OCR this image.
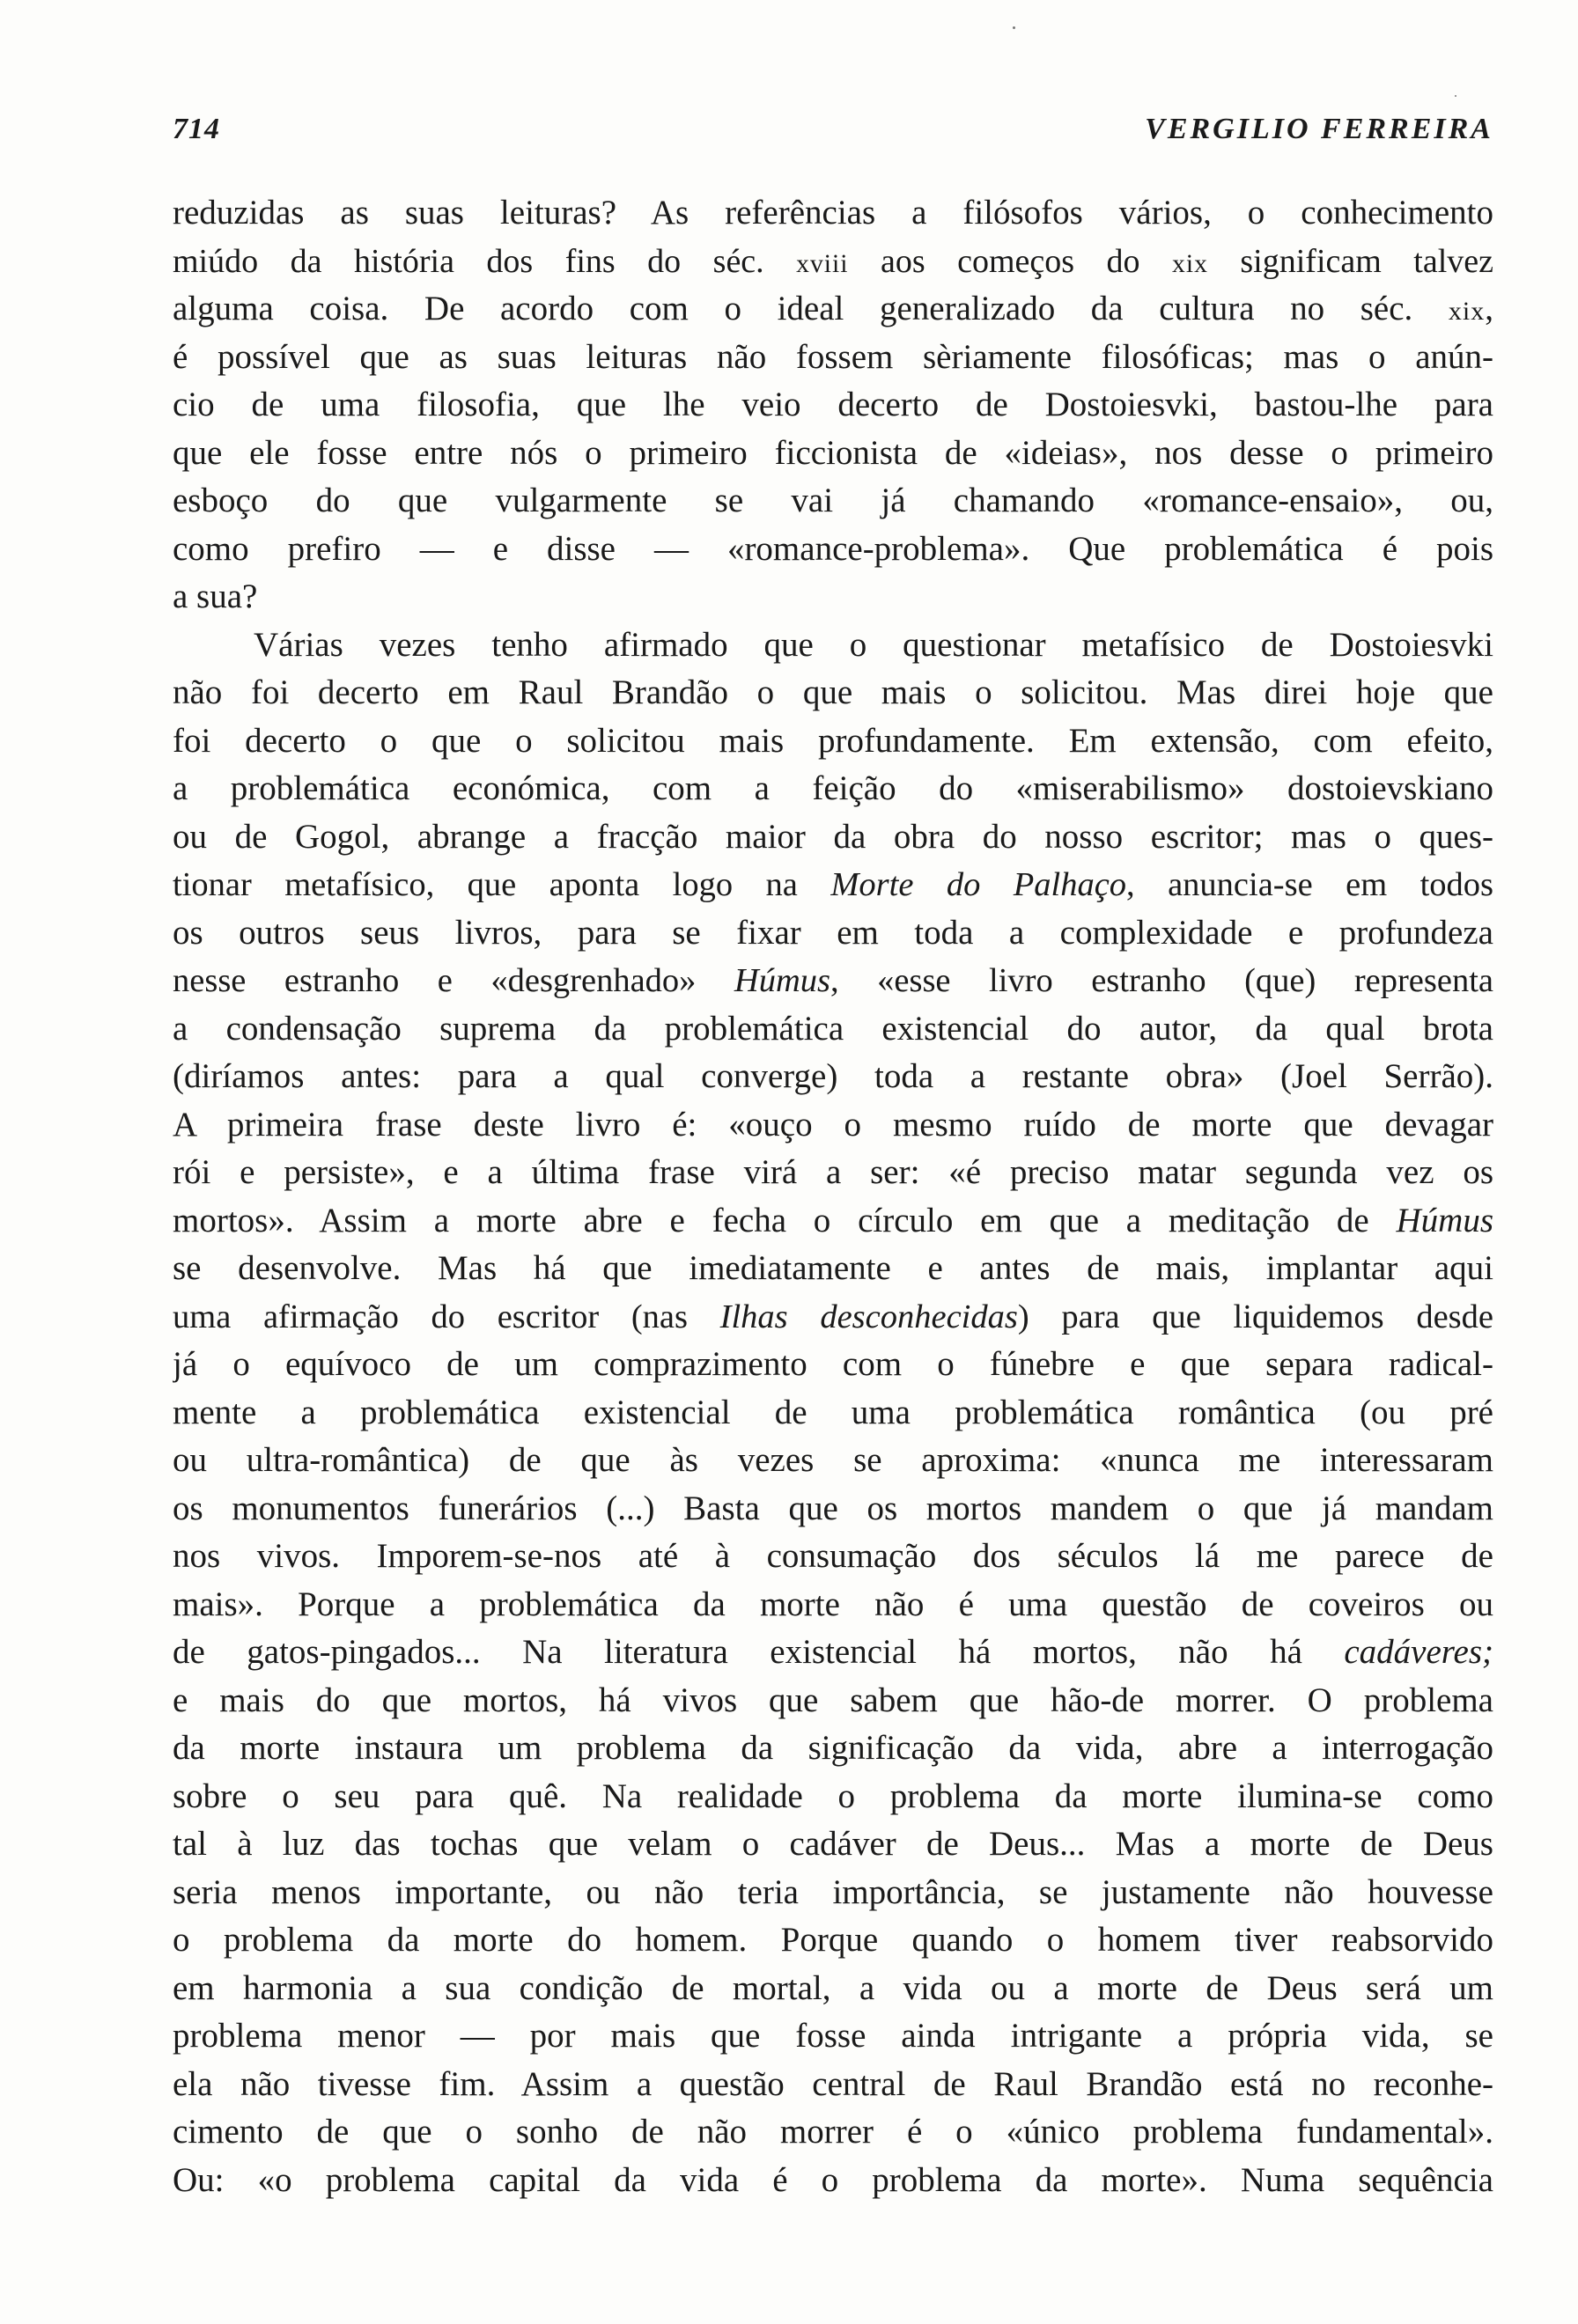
714	VERGILIO FERREIRA
reduzidas as suas leituras? As referências a filósofos vários, o conhecimento
miúdo da história dos fins do séc. xviii aos começos do xix significam talvez
alguma coisa. De acordo com o ideal generalizado da cultura no séc. xix,
é possível que as suas leituras não fossem sèriamente filosóficas; mas o anún-
cio de uma filosofia, que lhe veio decerto de Dostoiesvki, bastou-lhe para
que ele fosse entre nós o primeiro ficcionista de «ideias», nos desse o primeiro
esboço do que vulgarmente se vai já chamando «romance-ensaio», ou,
como prefiro — e disse — «romance-problema». Que problemática é pois
a sua?
Várias vezes tenho afirmado que o questionar metafísico de Dostoiesvki
não foi decerto em Raul Brandão o que mais o solicitou. Mas direi hoje que
foi decerto o que o solicitou mais profundamente. Em extensão, com efeito,
a problemática económica, com a feição do «miserabilismo» dostoievskiano
ou de Gogol, abrange a fracção maior da obra do nosso escritor; mas o ques-
tionar metafísico, que aponta logo na Morte do Palhaço, anuncia-se em todos
os outros seus livros, para se fixar em toda a complexidade e profundeza
nesse estranho e «desgrenhado» Húmus, «esse livro estranho (que) representa
a condensação suprema da problemática existencial do autor, da qual brota
(diríamos antes: para a qual converge) toda a restante obra» (Joel Serrão).
A primeira frase deste livro é: «ouço o mesmo ruído de morte que devagar
rói e persiste», e a última frase virá a ser: «é preciso matar segunda vez os
mortos». Assim a morte abre e fecha o círculo em que a meditação de Húmus
se desenvolve. Mas há que imediatamente e antes de mais, implantar aqui
uma afirmação do escritor (nas Ilhas desconhecidas) para que liquidemos desde
já o equívoco de um comprazimento com o fúnebre e que separa radical-
mente a problemática existencial de uma problemática romântica (ou pré
ou ultra-romântica) de que às vezes se aproxima: «nunca me interessaram
os monumentos funerários (...) Basta que os mortos mandem o que já mandam
nos vivos. Imporem-se-nos até à consumação dos séculos lá me parece de
mais». Porque a problemática da morte não é uma questão de coveiros ou
de gatos-pingados... Na literatura existencial há mortos, não há cadáveres;
e mais do que mortos, há vivos que sabem que hão-de morrer. O problema
da morte instaura um problema da significação da vida, abre a interrogação
sobre o seu para quê. Na realidade o problema da morte ilumina-se como
tal à luz das tochas que velam o cadáver de Deus... Mas a morte de Deus
seria menos importante, ou não teria importância, se justamente não houvesse
o problema da morte do homem. Porque quando o homem tiver reabsorvido
em harmonia a sua condição de mortal, a vida ou a morte de Deus será um
problema menor — por mais que fosse ainda intrigante a própria vida, se
ela não tivesse fim. Assim a questão central de Raul Brandão está no reconhe-
cimento de que o sonho de não morrer é o «único problema fundamental».
Ou: «o problema capital da vida é o problema da morte». Numa sequência
